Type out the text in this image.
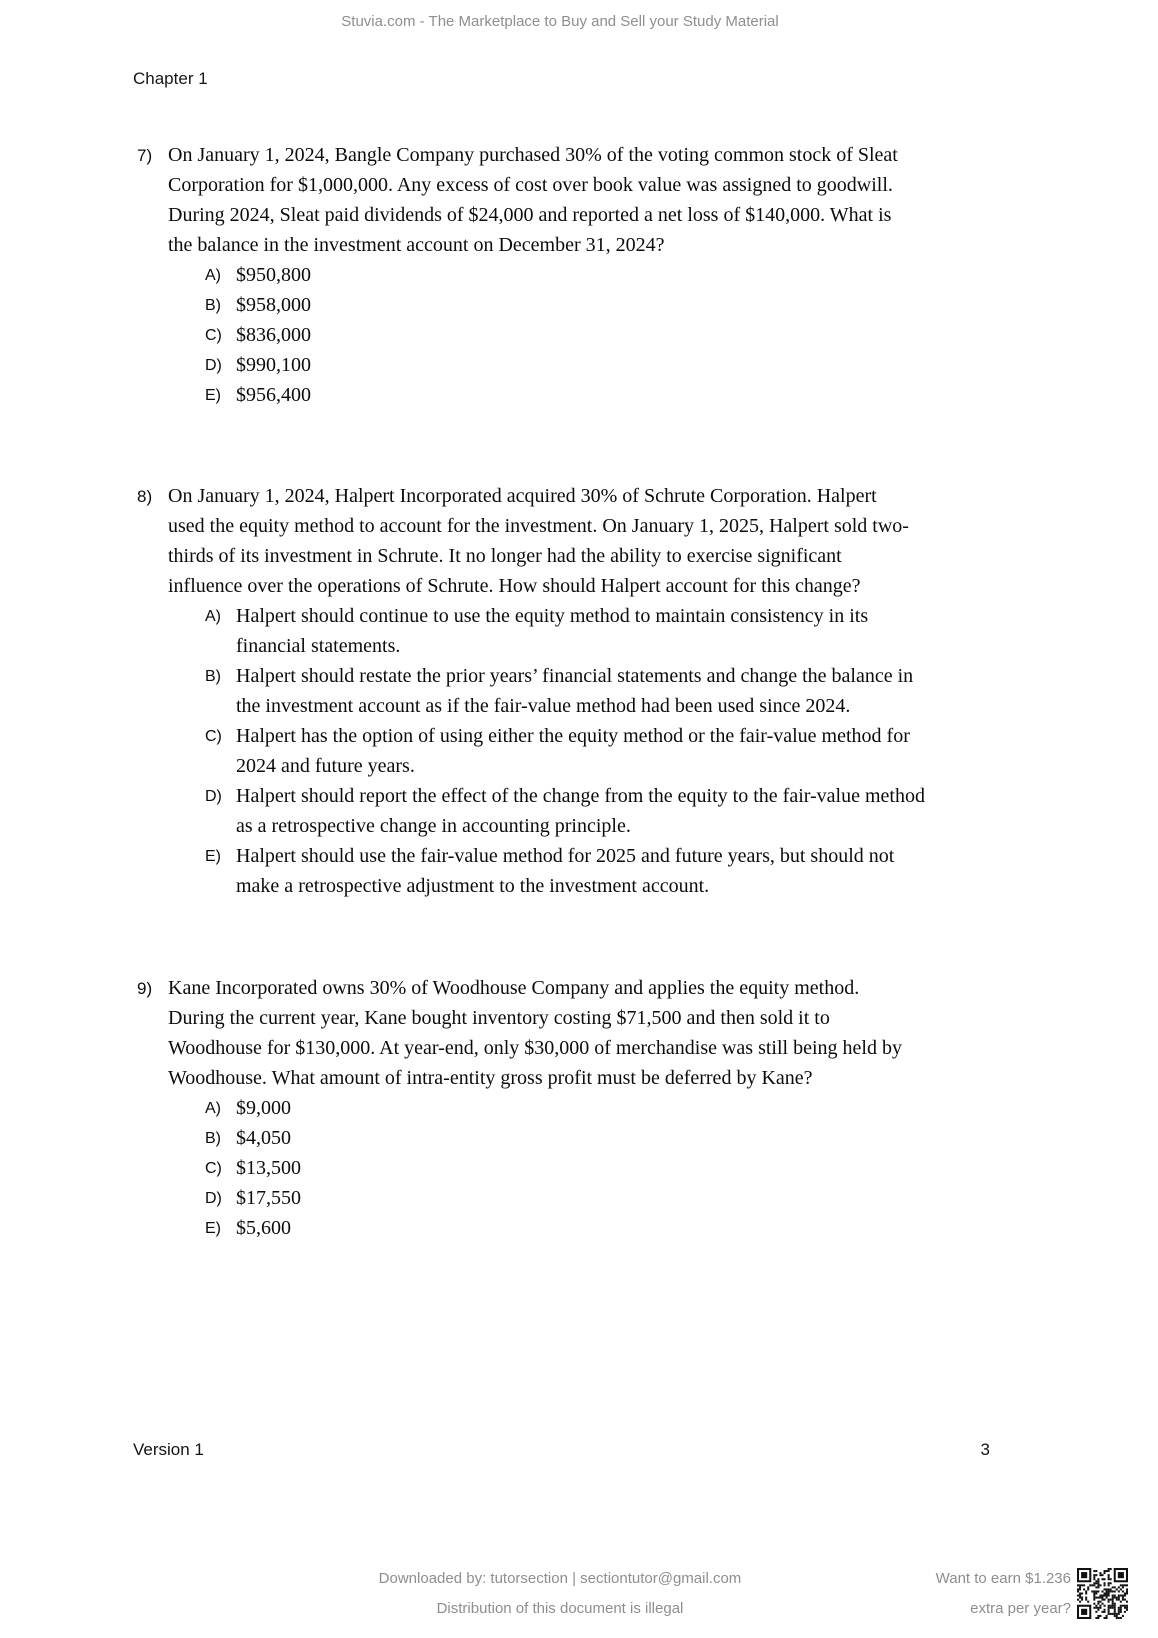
Stuvia.com - The Marketplace to Buy and Sell your Study Material
Chapter 1
7) On January 1, 2024, Bangle Company purchased 30% of the voting common stock of Sleat
Corporation for $1,000,000. Any excess of cost over book value was assigned to goodwill.
During 2024, Sleat paid dividends of $24,000 and reported a net loss of $140,000. What is
the balance in the investment account on December 31, 2024?
A) $950,800
B) $958,000
C) $836,000
D) $990,100
E) $956,400
8) On January 1, 2024, Halpert Incorporated acquired 30% of Schrute Corporation. Halpert
used the equity method to account for the investment. On January 1, 2025, Halpert sold two-
thirds of its investment in Schrute. It no longer had the ability to exercise significant
influence over the operations of Schrute. How should Halpert account for this change?
A) Halpert should continue to use the equity method to maintain consistency in its
financial statements.
B) Halpert should restate the prior years’ financial statements and change the balance in
the investment account as if the fair-value method had been used since 2024.
C) Halpert has the option of using either the equity method or the fair-value method for
2024 and future years.
D) Halpert should report the effect of the change from the equity to the fair-value method
as a retrospective change in accounting principle.
E) Halpert should use the fair-value method for 2025 and future years, but should not
make a retrospective adjustment to the investment account.
9) Kane Incorporated owns 30% of Woodhouse Company and applies the equity method.
During the current year, Kane bought inventory costing $71,500 and then sold it to
Woodhouse for $130,000. At year-end, only $30,000 of merchandise was still being held by
Woodhouse. What amount of intra-entity gross profit must be deferred by Kane?
A) $9,000
B) $4,050
C) $13,500
D) $17,550
E) $5,600
Version 1	3
Downloaded by: tutorsection | sectiontutor@gmail.com
Distribution of this document is illegal
Want to earn $1.236
extra per year?
